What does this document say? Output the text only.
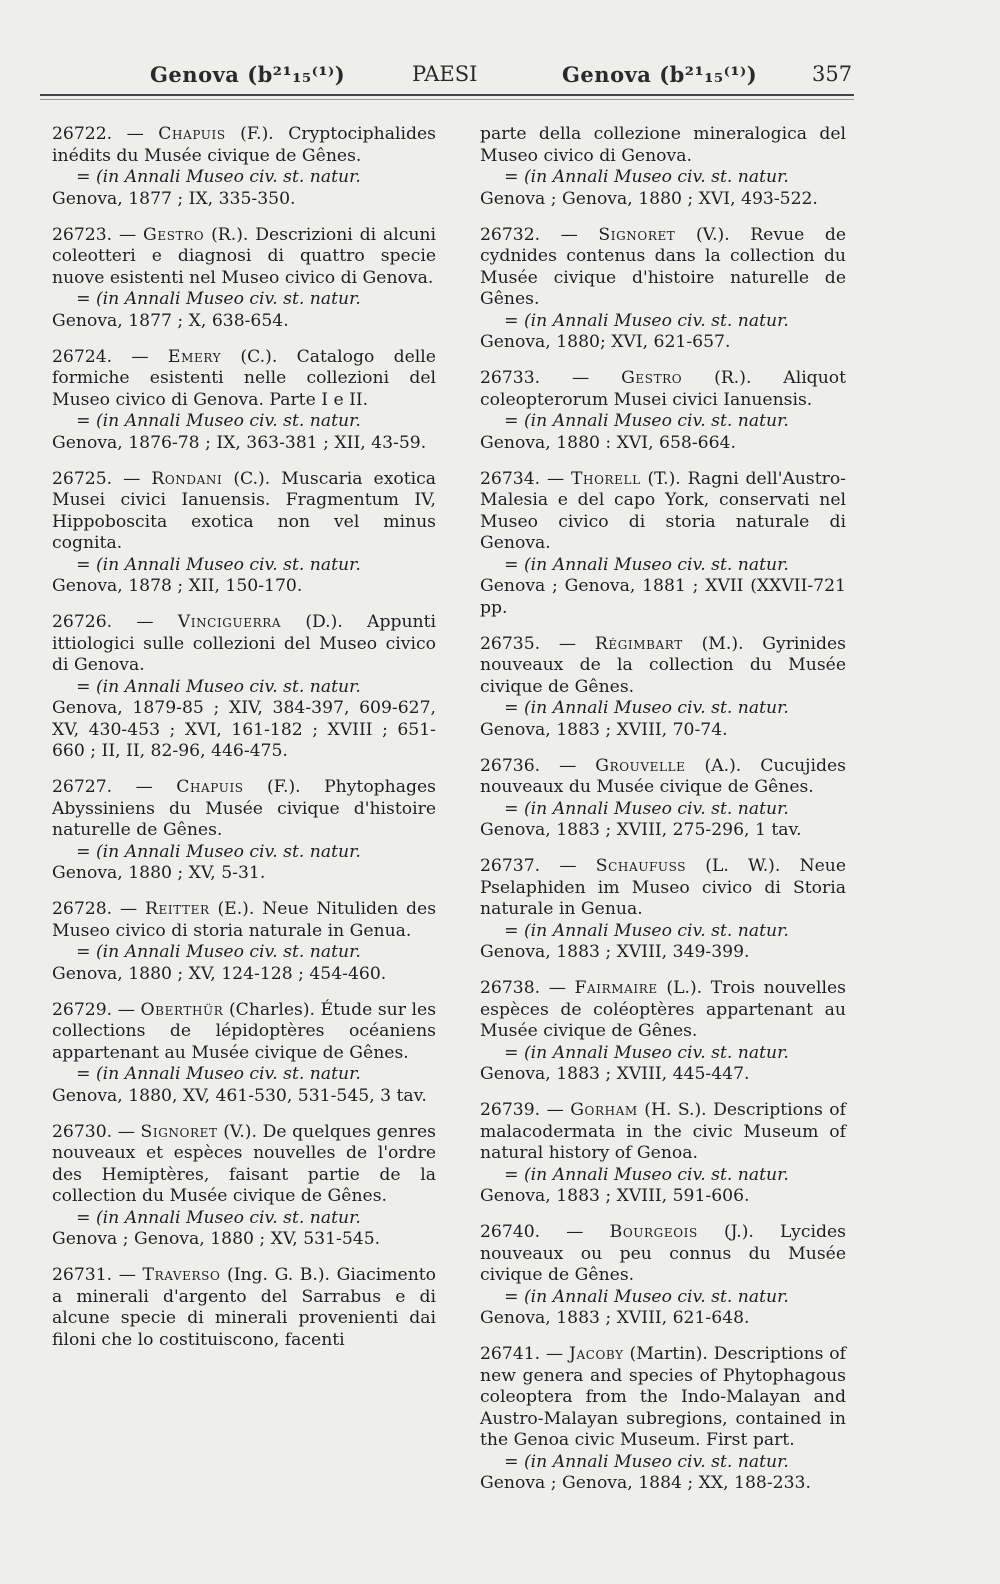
Genova (b²¹₁₅⁽¹⁾)	PAESI	Genova (b²¹₁₅⁽¹⁾)	357

26722. — Chapuis (F.). Cryptociphalides inédits du Musée civique de Gênes.

= (in Annali Museo civ. st. natur.

Genova, 1877 ; IX, 335-350.

26723. — Gestro (R.). Descrizioni di alcuni coleotteri e diagnosi di quattro specie nuove esistenti nel Museo civico di Genova.

= (in Annali Museo civ. st. natur.

Genova, 1877 ; X, 638-654.

26724. — Emery (C.). Catalogo delle formiche esistenti nelle collezioni del Museo civico di Genova. Parte I e II.

= (in Annali Museo civ. st. natur.

Genova, 1876-78 ; IX, 363-381 ; XII, 43-59.

26725. — Rondani (C.). Muscaria exotica Musei civici Ianuensis. Fragmentum IV, Hippoboscita exotica non vel minus cognita.

= (in Annali Museo civ. st. natur.

Genova, 1878 ; XII, 150-170.

26726. — Vinciguerra (D.). Appunti ittiologici sulle collezioni del Museo civico di Genova.

= (in Annali Museo civ. st. natur.

Genova, 1879-85 ; XIV, 384-397, 609-627, XV, 430-453 ; XVI, 161-182 ; XVIII ; 651-660 ; II, II, 82-96, 446-475.

26727. — Chapuis (F.). Phytophages Abyssiniens du Musée civique d'histoire naturelle de Gênes.

= (in Annali Museo civ. st. natur.

Genova, 1880 ; XV, 5-31.

26728. — Reitter (E.). Neue Nituliden des Museo civico di storia naturale in Genua.

= (in Annali Museo civ. st. natur.

Genova, 1880 ; XV, 124-128 ; 454-460.

26729. — Oberthür (Charles). Étude sur les collections de lépidoptères océaniens appartenant au Musée civique de Gênes.

= (in Annali Museo civ. st. natur.

Genova, 1880, XV, 461-530, 531-545, 3 tav.

26730. — Signoret (V.). De quelques genres nouveaux et espèces nouvelles de l'ordre des Hemiptères, faisant partie de la collection du Musée civique de Gênes.

= (in Annali Museo civ. st. natur.

Genova ; Genova, 1880 ; XV, 531-545.

26731. — Traverso (Ing. G. B.). Giacimento a minerali d'argento del Sarrabus e di alcune specie di minerali provenienti dai filoni che lo costituiscono, facenti

parte della collezione mineralogica del Museo civico di Genova.

= (in Annali Museo civ. st. natur.

Genova ; Genova, 1880 ; XVI, 493-522.

26732. — Signoret (V.). Revue de cydnides contenus dans la collection du Musée civique d'histoire naturelle de Gênes.

= (in Annali Museo civ. st. natur.

Genova, 1880; XVI, 621-657.

26733. — Gestro (R.). Aliquot coleopterorum Musei civici Ianuensis.

= (in Annali Museo civ. st. natur.

Genova, 1880 : XVI, 658-664.

26734. — Thorell (T.). Ragni dell'Austro-Malesia e del capo York, conservati nel Museo civico di storia naturale di Genova.

= (in Annali Museo civ. st. natur.

Genova ; Genova, 1881 ; XVII (XXVII-721 pp.

26735. — Régimbart (M.). Gyrinides nouveaux de la collection du Musée civique de Gênes.

= (in Annali Museo civ. st. natur.

Genova, 1883 ; XVIII, 70-74.

26736. — Grouvelle (A.). Cucujides nouveaux du Musée civique de Gênes.

= (in Annali Museo civ. st. natur.

Genova, 1883 ; XVIII, 275-296, 1 tav.

26737. — Schaufuss (L. W.). Neue Pselaphiden im Museo civico di Storia naturale in Genua.

= (in Annali Museo civ. st. natur.

Genova, 1883 ; XVIII, 349-399.

26738. — Fairmaire (L.). Trois nouvelles espèces de coléoptères appartenant au Musée civique de Gênes.

= (in Annali Museo civ. st. natur.

Genova, 1883 ; XVIII, 445-447.

26739. — Gorham (H. S.). Descriptions of malacodermata in the civic Museum of natural history of Genoa.

= (in Annali Museo civ. st. natur.

Genova, 1883 ; XVIII, 591-606.

26740. — Bourgeois (J.). Lycides nouveaux ou peu connus du Musée civique de Gênes.

= (in Annali Museo civ. st. natur.

Genova, 1883 ; XVIII, 621-648.

26741. — Jacoby (Martin). Descriptions of new genera and species of Phytophagous coleoptera from the Indo-Malayan and Austro-Malayan subregions, contained in the Genoa civic Museum. First part.

= (in Annali Museo civ. st. natur.

Genova ; Genova, 1884 ; XX, 188-233.
